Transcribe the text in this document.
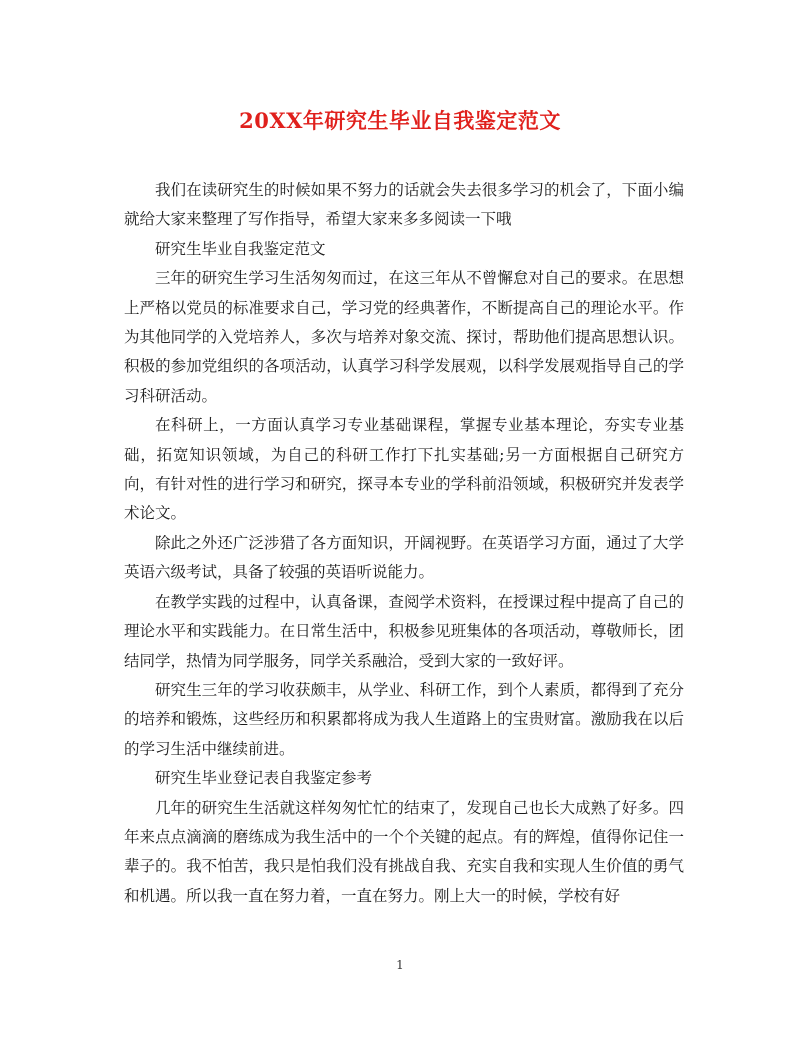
20XX年研究生毕业自我鉴定范文

我们在读研究生的时候如果不努力的话就会失去很多学习的机会了，下面小编就给大家来整理了写作指导，希望大家来多多阅读一下哦

研究生毕业自我鉴定范文

三年的研究生学习生活匆匆而过，在这三年从不曾懈怠对自己的要求。在思想上严格以党员的标准要求自己，学习党的经典著作，不断提高自己的理论水平。作为其他同学的入党培养人，多次与培养对象交流、探讨，帮助他们提高思想认识。积极的参加党组织的各项活动，认真学习科学发展观，以科学发展观指导自己的学习科研活动。

在科研上，一方面认真学习专业基础课程，掌握专业基本理论，夯实专业基础，拓宽知识领域，为自己的科研工作打下扎实基础;另一方面根据自己研究方向，有针对性的进行学习和研究，探寻本专业的学科前沿领域，积极研究并发表学术论文。

除此之外还广泛涉猎了各方面知识，开阔视野。在英语学习方面，通过了大学英语六级考试，具备了较强的英语听说能力。

在教学实践的过程中，认真备课，查阅学术资料，在授课过程中提高了自己的理论水平和实践能力。在日常生活中，积极参见班集体的各项活动，尊敬师长，团结同学，热情为同学服务，同学关系融洽，受到大家的一致好评。

研究生三年的学习收获颇丰，从学业、科研工作，到个人素质，都得到了充分的培养和锻炼，这些经历和积累都将成为我人生道路上的宝贵财富。激励我在以后的学习生活中继续前进。

研究生毕业登记表自我鉴定参考

几年的研究生生活就这样匆匆忙忙的结束了，发现自己也长大成熟了好多。四年来点点滴滴的磨练成为我生活中的一个个关键的起点。有的辉煌，值得你记住一辈子的。我不怕苦，我只是怕我们没有挑战自我、充实自我和实现人生价值的勇气和机遇。所以我一直在努力着，一直在努力。刚上大一的时候，学校有好

1
